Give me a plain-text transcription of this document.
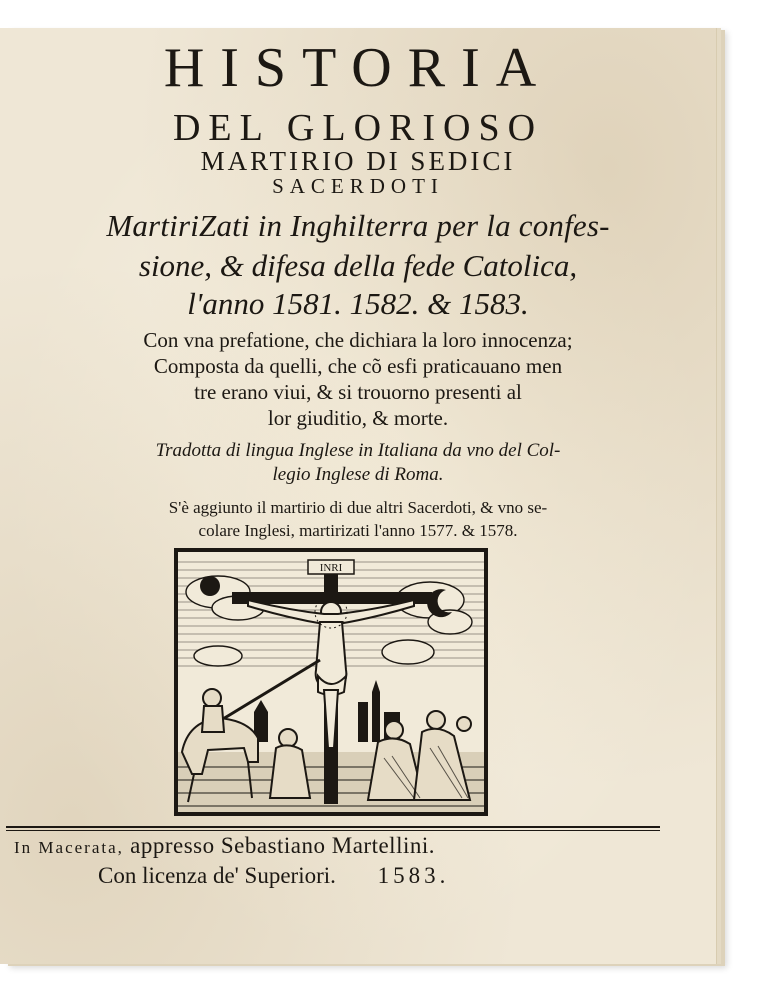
HISTORIA

DEL GLORIOSO

MARTIRIO DI SEDICI

SACERDOTI

MartiriZati in Inghilterra per la confes-

sione, & difesa della fede Catolica,

l'anno 1581. 1582. & 1583.

Con vna prefatione, che dichiara la loro innocenza;

Composta da quelli, che cõ esfi praticauano men

tre erano viui, & si trouorno presenti al

lor giuditio, & morte.

Tradotta di lingua Inglese in Italiana da vno del Col-

legio Inglese di Roma.

S'è aggiunto il martirio di due altri Sacerdoti, & vno se-

colare Inglesi, martirizati l'anno 1577. & 1578.

INRI

In Macerata, appresso Sebastiano Martellini.

Con licenza de' Superiori. 1583.
